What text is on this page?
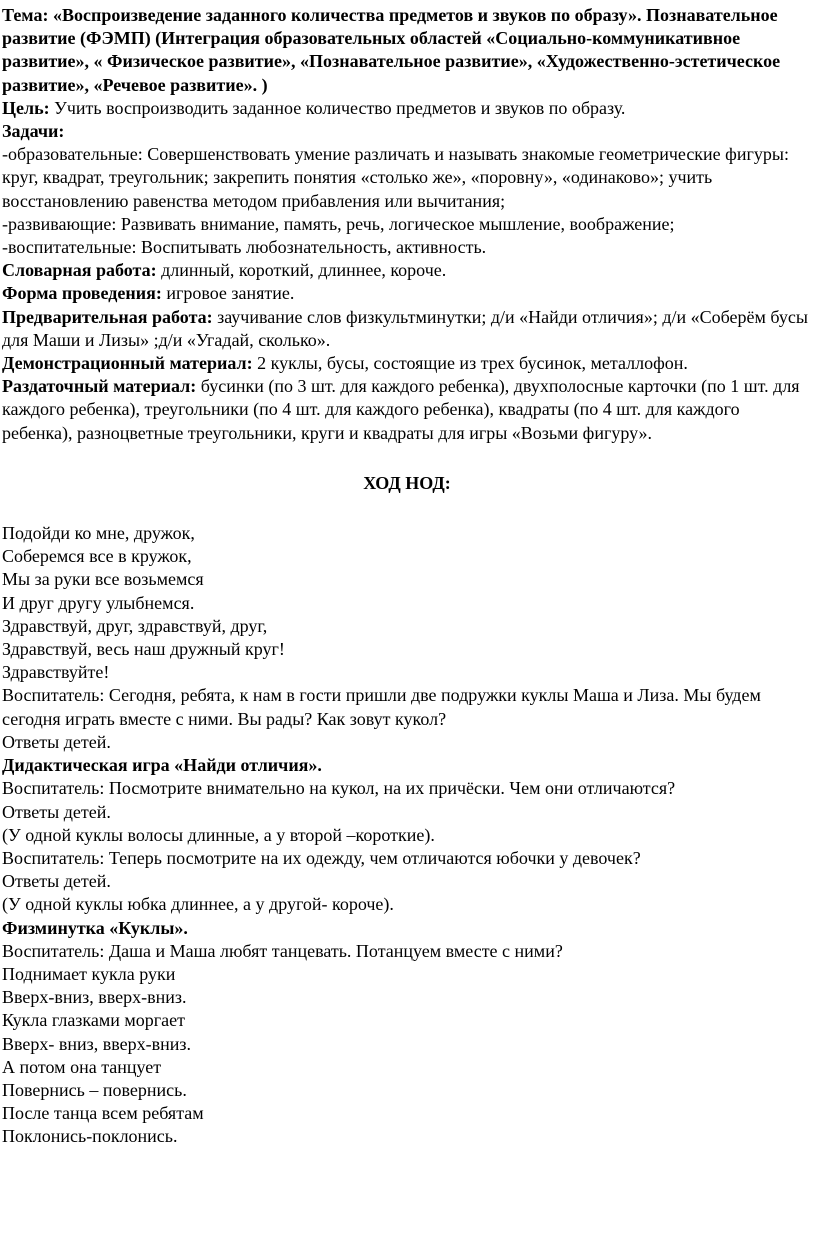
Тема: «Воспроизведение заданного количества предметов и звуков по образу». Познавательное развитие (ФЭМП) (Интеграция образовательных областей «Социально-коммуникативное развитие», « Физическое развитие», «Познавательное развитие», «Художественно-эстетическое развитие», «Речевое развитие». )

Цель: Учить воспроизводить заданное количество предметов и звуков по образу.

Задачи:

-образовательные: Совершенствовать умение различать и называть знакомые геометрические фигуры: круг, квадрат, треугольник; закрепить понятия «столько же», «поровну», «одинаково»; учить восстановлению равенства методом прибавления или вычитания;

-развивающие: Развивать внимание, память, речь, логическое мышление, воображение;

-воспитательные: Воспитывать любознательность, активность.

Словарная работа: длинный, короткий, длиннее, короче.

Форма проведения: игровое занятие.

Предварительная работа: заучивание слов физкультминутки; д/и «Найди отличия»; д/и «Соберём бусы для Маши и Лизы» ;д/и «Угадай, сколько».

Демонстрационный материал: 2 куклы, бусы, состоящие из трех бусинок, металлофон.

Раздаточный материал: бусинки (по 3 шт. для каждого ребенка), двухполосные карточки (по 1 шт. для каждого ребенка), треугольники (по 4 шт. для каждого ребенка), квадраты (по 4 шт. для каждого ребенка), разноцветные треугольники, круги и квадраты для игры «Возьми фигуру».

ХОД НОД:

Подойди ко мне, дружок,
Соберемся все в кружок,
Мы за руки все возьмемся
И друг другу улыбнемся.
Здравствуй, друг, здравствуй, друг,
Здравствуй, весь наш дружный круг!
Здравствуйте!
Воспитатель: Сегодня, ребята, к нам в гости пришли две подружки куклы Маша и Лиза. Мы будем сегодня играть вместе с ними. Вы рады? Как зовут кукол?
Ответы детей.

Дидактическая игра «Найди отличия».

Воспитатель: Посмотрите внимательно на кукол, на их причёски. Чем они отличаются?
Ответы детей.
(У одной куклы волосы длинные, а у второй –короткие).
Воспитатель: Теперь посмотрите на их одежду, чем отличаются юбочки у девочек?
Ответы детей.
(У одной куклы юбка длиннее, а у другой- короче).

Физминутка «Куклы».

Воспитатель: Даша и Маша любят танцевать. Потанцуем вместе с ними?
Поднимает кукла руки
Вверх-вниз, вверх-вниз.
Кукла глазками моргает
Вверх- вниз, вверх-вниз.
А потом она танцует
Повернись – повернись.
После танца всем ребятам
Поклонись-поклонись.
